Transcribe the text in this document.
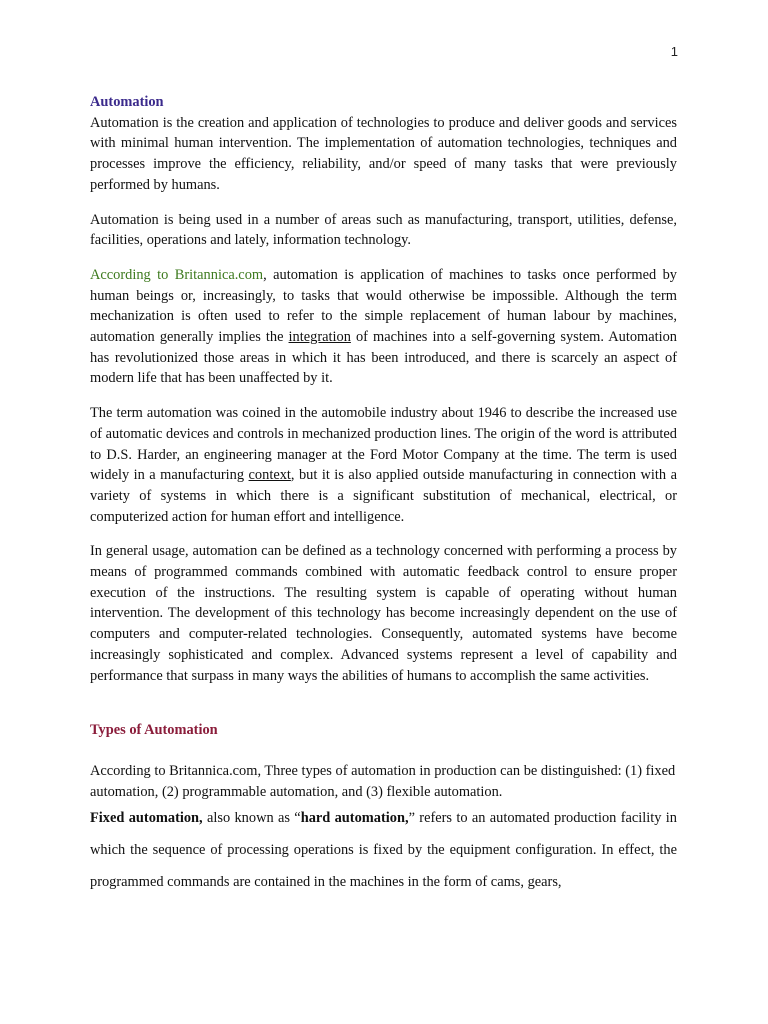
1
Automation

Automation is the creation and application of technologies to produce and deliver goods and services with minimal human intervention. The implementation of automation technologies, techniques and processes improve the efficiency, reliability, and/or speed of many tasks that were previously performed by humans.

Automation is being used in a number of areas such as manufacturing, transport, utilities, defense, facilities, operations and lately, information technology.

According to Britannica.com, automation is application of machines to tasks once performed by human beings or, increasingly, to tasks that would otherwise be impossible. Although the term mechanization is often used to refer to the simple replacement of human labour by machines, automation generally implies the integration of machines into a self-governing system. Automation has revolutionized those areas in which it has been introduced, and there is scarcely an aspect of modern life that has been unaffected by it.

The term automation was coined in the automobile industry about 1946 to describe the increased use of automatic devices and controls in mechanized production lines. The origin of the word is attributed to D.S. Harder, an engineering manager at the Ford Motor Company at the time. The term is used widely in a manufacturing context, but it is also applied outside manufacturing in connection with a variety of systems in which there is a significant substitution of mechanical, electrical, or computerized action for human effort and intelligence.

In general usage, automation can be defined as a technology concerned with performing a process by means of programmed commands combined with automatic feedback control to ensure proper execution of the instructions. The resulting system is capable of operating without human intervention. The development of this technology has become increasingly dependent on the use of computers and computer-related technologies. Consequently, automated systems have become increasingly sophisticated and complex. Advanced systems represent a level of capability and performance that surpass in many ways the abilities of humans to accomplish the same activities.

Types of Automation

According to Britannica.com, Three types of automation in production can be distinguished: (1) fixed automation, (2) programmable automation, and (3) flexible automation.

Fixed automation, also known as “hard automation,” refers to an automated production facility in which the sequence of processing operations is fixed by the equipment configuration. In effect, the programmed commands are contained in the machines in the form of cams, gears,
